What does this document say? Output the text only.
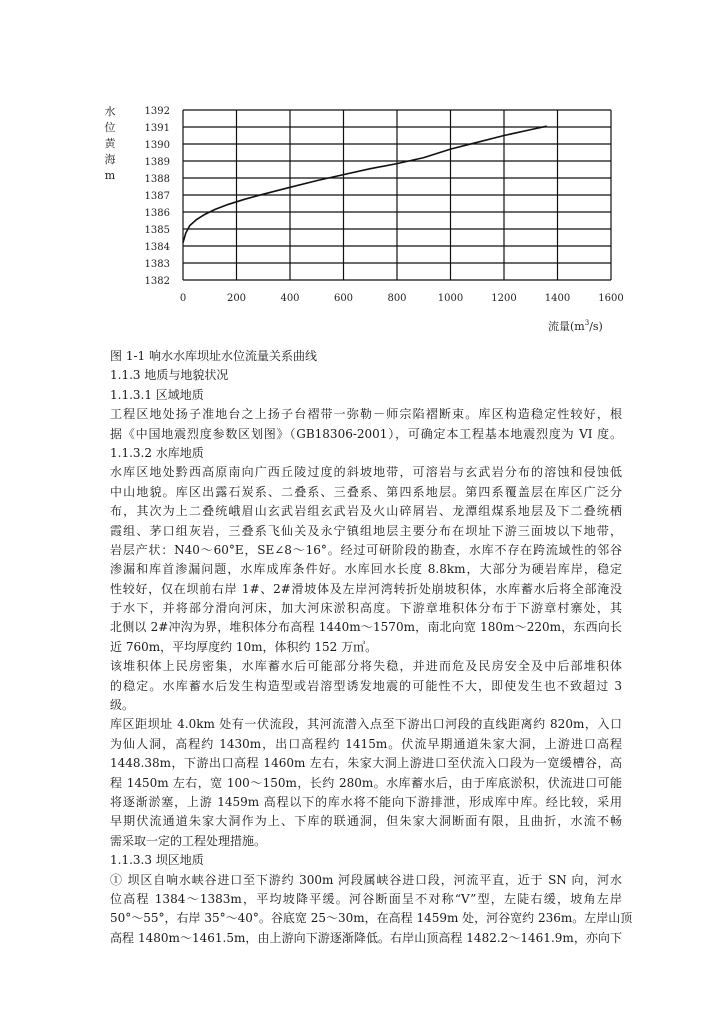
水
位
黄
海
m
1382
1383
1384
1385
1386
1387
1388
1389
1390
1391
1392
0	200	400	600	800	1000	1200	1400	1600
流量$(m^3/s)$
图 1-1 响水水库坝址水位流量关系曲线
1.1.3 地质与地貌状况
1.1.3.1 区域地质
工程区地处扬子准地台之上扬子台褶带一弥勒－师宗陷褶断束。库区构造稳定性较好，根
据《中国地震烈度参数区划图》（GB18306-2001），可确定本工程基本地震烈度为 VI 度。
1.1.3.2 水库地质
水库区地处黔西高原南向广西丘陵过度的斜坡地带，可溶岩与玄武岩分布的溶蚀和侵蚀低
中山地貌。库区出露石炭系、二叠系、三叠系、第四系地层。第四系覆盖层在库区广泛分
布，其次为上二叠统峨眉山玄武岩组玄武岩及火山碎屑岩、龙潭组煤系地层及下二叠统栖
霞组、茅口组灰岩，三叠系飞仙关及永宁镇组地层主要分布在坝址下游三面坡以下地带，
岩层产状：N40～60°E，SE∠8～16°。经过可研阶段的勘查，水库不存在跨流域性的邻谷
渗漏和库首渗漏问题，水库成库条件好。水库回水长度 8.8km，大部分为硬岩库岸，稳定
性较好，仅在坝前右岸 1#、2#滑坡体及左岸河湾转折处崩坡积体，水库蓄水后将全部淹没
于水下，并将部分滑向河床，加大河床淤积高度。下游章堆积体分布于下游章村寨处，其
北侧以 2#冲沟为界，堆积体分布高程 1440m～1570m，南北向宽 180m～220m，东西向长
近 760m，平均厚度约 10m，体积约 152 万㎥。
该堆积体上民房密集，水库蓄水后可能部分将失稳，并进而危及民房安全及中后部堆积体
的稳定。水库蓄水后发生构造型或岩溶型诱发地震的可能性不大，即使发生也不致超过 3
级。
库区距坝址 4.0km 处有一伏流段，其河流潜入点至下游出口河段的直线距离约 820m，入口
为仙人洞，高程约 1430m，出口高程约 1415m。伏流早期通道朱家大洞，上游进口高程
1448.38m，下游出口高程 1460m 左右，朱家大洞上游进口至伏流入口段为一宽缓槽谷，高
程 1450m 左右，宽 100～150m，长约 280m。水库蓄水后，由于库底淤积，伏流进口可能
将逐渐淤塞，上游 1459m 高程以下的库水将不能向下游排泄，形成库中库。经比较，采用
早期伏流通道朱家大洞作为上、下库的联通洞，但朱家大洞断面有限，且曲折，水流不畅
需采取一定的工程处理措施。
1.1.3.3 坝区地质
① 坝区自响水峡谷进口至下游约 300m 河段属峡谷进口段，河流平直，近于 SN 向，河水
位高程 1384～1383m，平均坡降平缓。河谷断面呈不对称“V”型，左陡右缓，坡角左岸
50°～55°，右岸 35°～40°。谷底宽 25～30m，在高程 1459m 处，河谷宽约 236m。左岸山顶
高程 1480m～1461.5m，由上游向下游逐渐降低。右岸山顶高程 1482.2～1461.9m，亦向下
